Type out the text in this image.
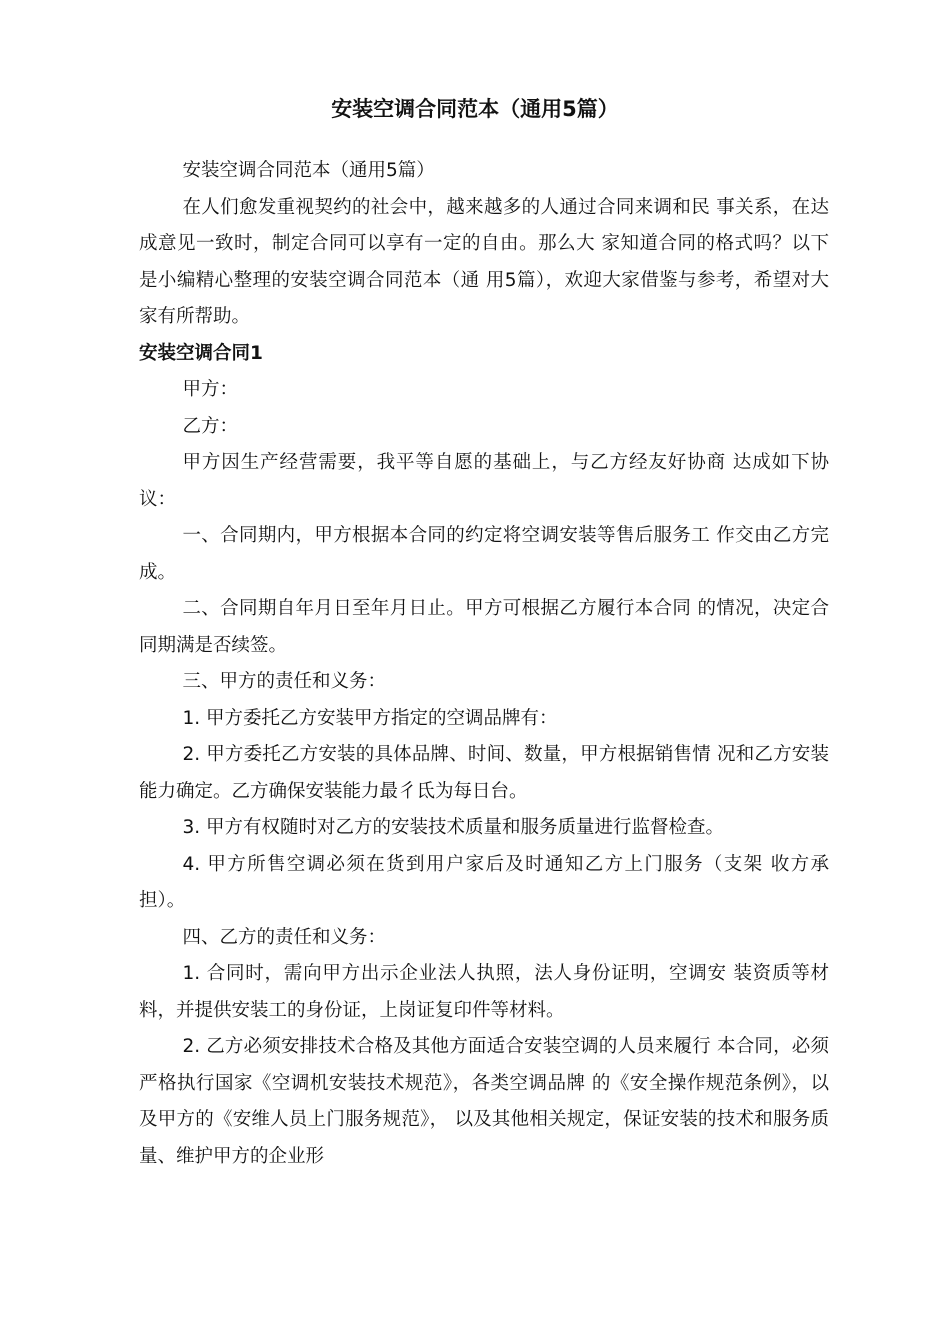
安装空调合同范本（通用5篇）

安装空调合同范本（通用5篇）

在人们愈发重视契约的社会中，越来越多的人通过合同来调和民 事关系，在达成意见一致时，制定合同可以享有一定的自由。那么大 家知道合同的格式吗？以下是小编精心整理的安装空调合同范本（通 用5篇），欢迎大家借鉴与参考，希望对大家有所帮助。

安装空调合同1

甲方：

乙方：

甲方因生产经营需要，我平等自愿的基础上，与乙方经友好协商 达成如下协议：

一、合同期内，甲方根据本合同的约定将空调安装等售后服务工 作交由乙方完成。

二、合同期自年月日至年月日止。甲方可根据乙方履行本合同 的情况，决定合同期满是否续签。

三、甲方的责任和义务：

1. 甲方委托乙方安装甲方指定的空调品牌有：

2. 甲方委托乙方安装的具体品牌、时间、数量，甲方根据销售情 况和乙方安装能力确定。乙方确保安装能力最彳氐为每日台。

3. 甲方有权随时对乙方的安装技术质量和服务质量进行监督检查。

4. 甲方所售空调必须在货到用户家后及时通知乙方上门服务（支架 收方承担）。

四、乙方的责任和义务：

1. 合同时，需向甲方出示企业法人执照，法人身份证明，空调安 装资质等材料，并提供安装工的身份证，上岗证复印件等材料。

2. 乙方必须安排技术合格及其他方面适合安装空调的人员来履行 本合同，必须严格执行国家《空调机安装技术规范》，各类空调品牌 的《安全操作规范条例》，以及甲方的《安维人员上门服务规范》， 以及其他相关规定，保证安装的技术和服务质量、维护甲方的企业形
